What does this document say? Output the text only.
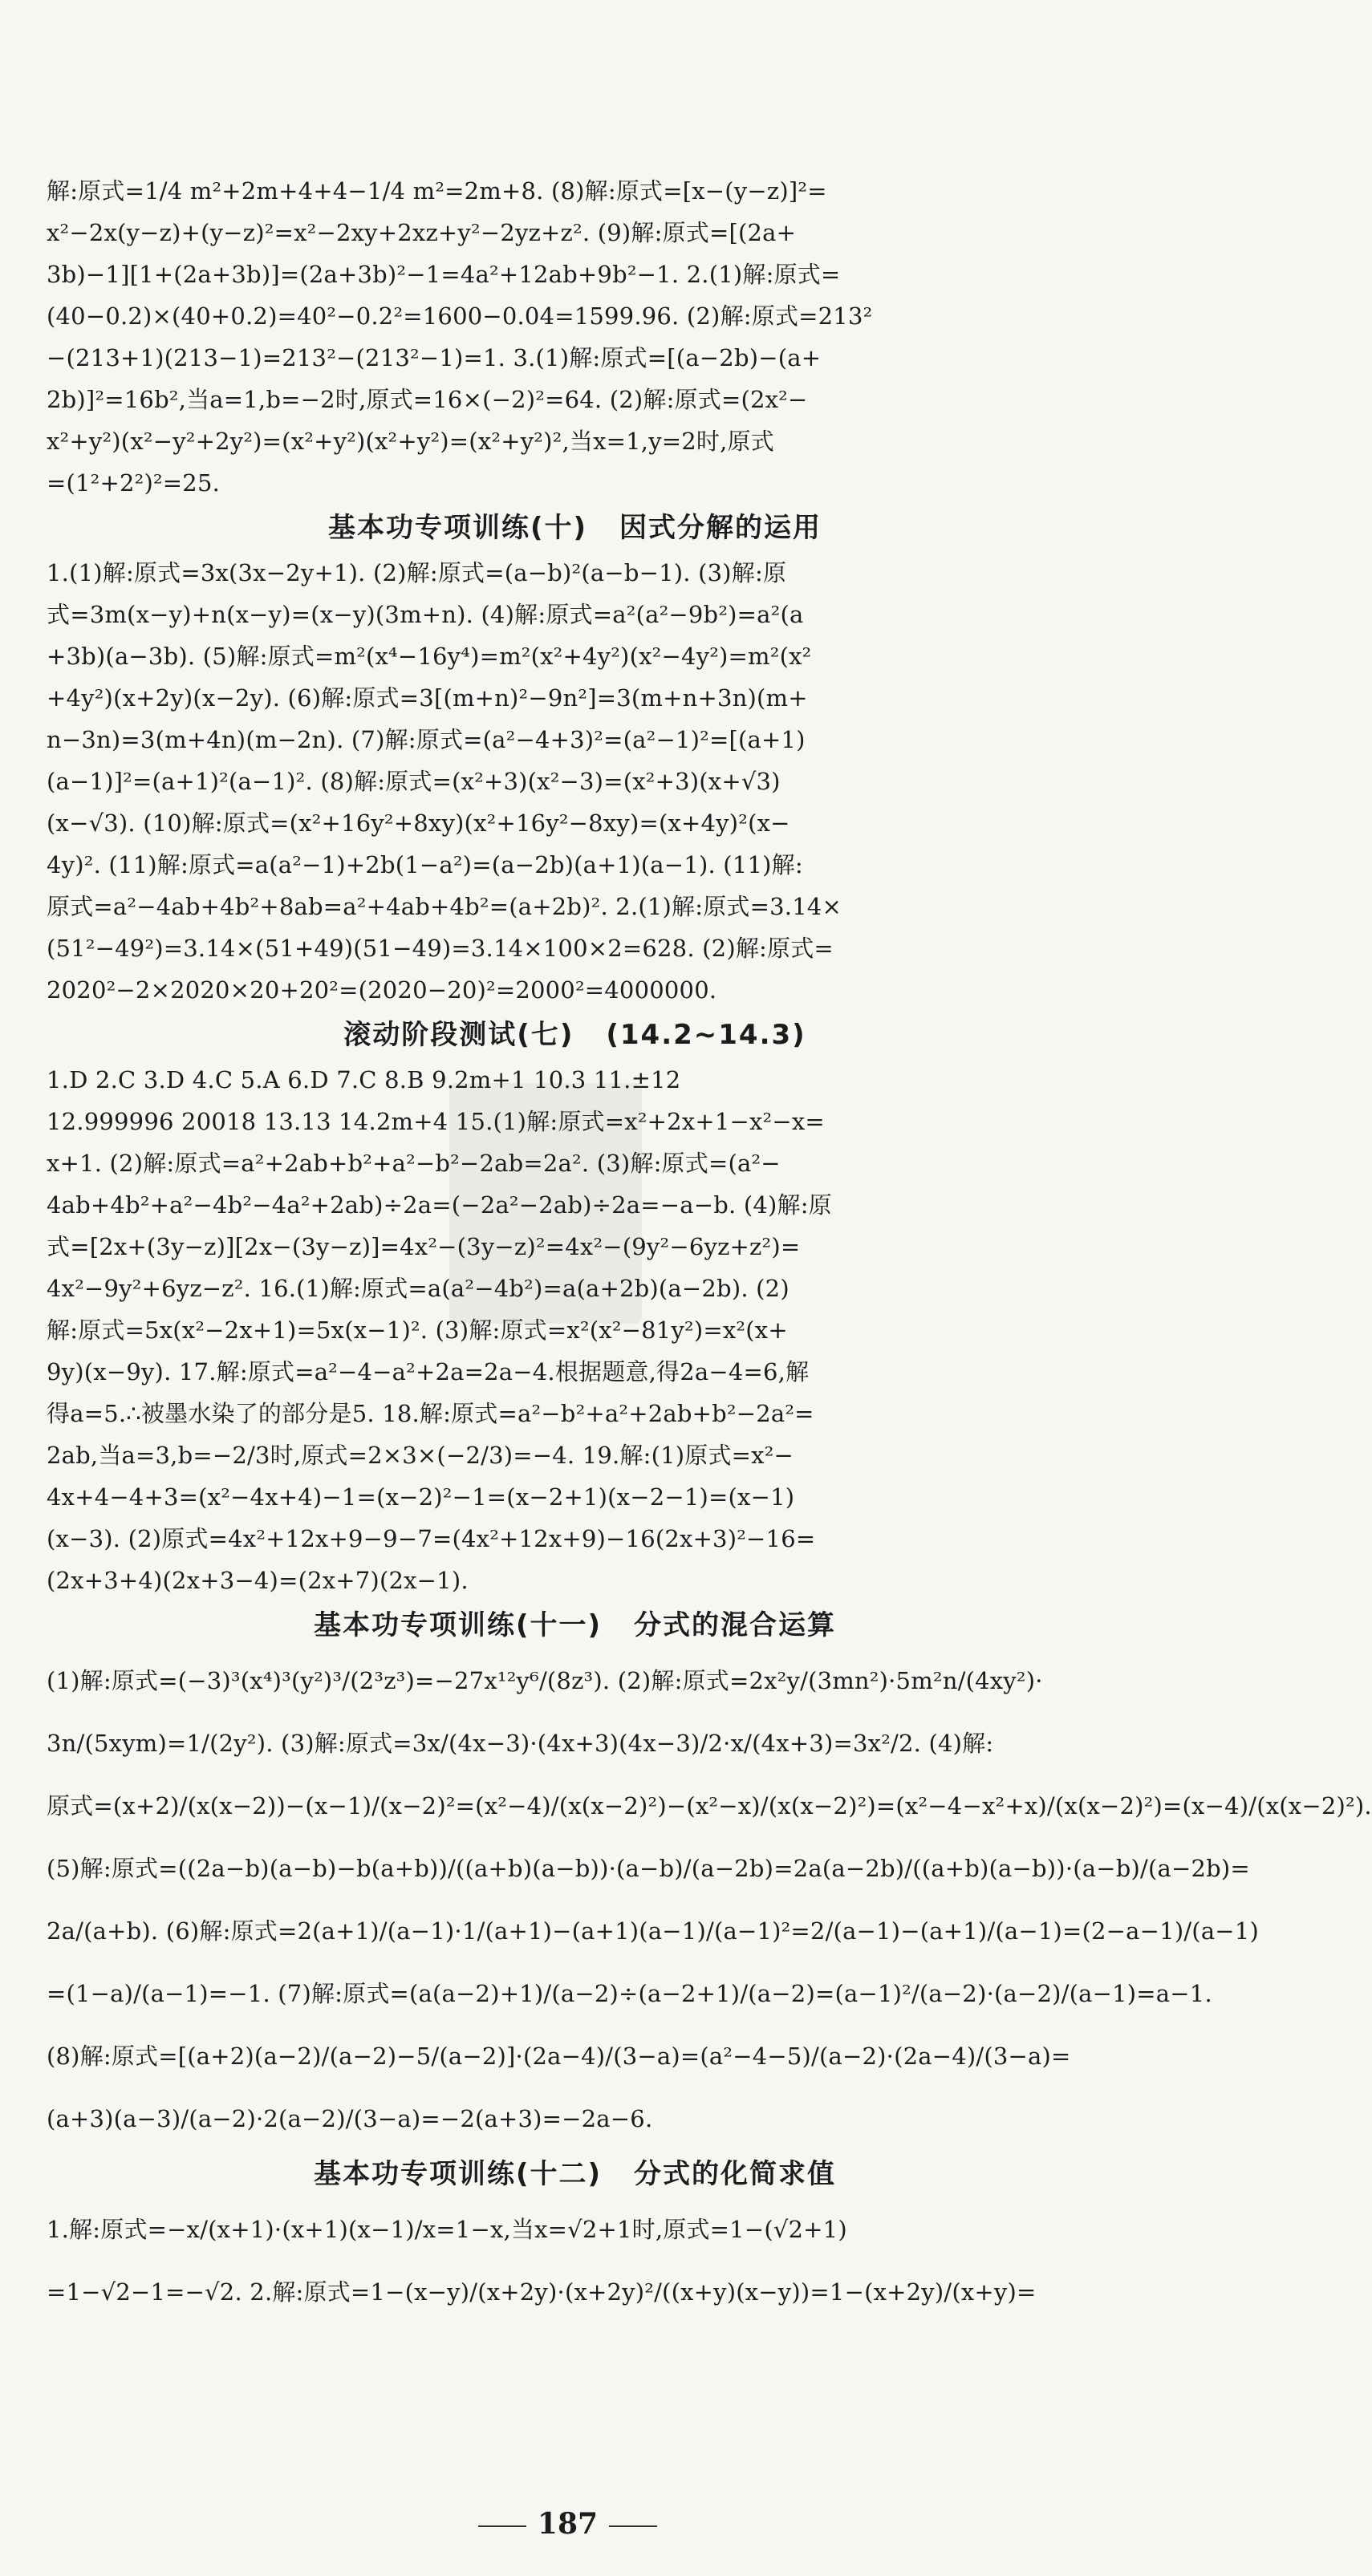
解:原式=1/4 m²+2m+4+4−1/4 m²=2m+8. (8)解:原式=[x−(y−z)]²=
x²−2x(y−z)+(y−z)²=x²−2xy+2xz+y²−2yz+z². (9)解:原式=[(2a+
3b)−1][1+(2a+3b)]=(2a+3b)²−1=4a²+12ab+9b²−1. 2.(1)解:原式=
(40−0.2)×(40+0.2)=40²−0.2²=1600−0.04=1599.96. (2)解:原式=213²
−(213+1)(213−1)=213²−(213²−1)=1. 3.(1)解:原式=[(a−2b)−(a+
2b)]²=16b²,当a=1,b=−2时,原式=16×(−2)²=64. (2)解:原式=(2x²−
x²+y²)(x²−y²+2y²)=(x²+y²)(x²+y²)=(x²+y²)²,当x=1,y=2时,原式
=(1²+2²)²=25.
基本功专项训练(十) 因式分解的运用
1.(1)解:原式=3x(3x−2y+1). (2)解:原式=(a−b)²(a−b−1). (3)解:原
式=3m(x−y)+n(x−y)=(x−y)(3m+n). (4)解:原式=a²(a²−9b²)=a²(a
+3b)(a−3b). (5)解:原式=m²(x⁴−16y⁴)=m²(x²+4y²)(x²−4y²)=m²(x²
+4y²)(x+2y)(x−2y). (6)解:原式=3[(m+n)²−9n²]=3(m+n+3n)(m+
n−3n)=3(m+4n)(m−2n). (7)解:原式=(a²−4+3)²=(a²−1)²=[(a+1)
(a−1)]²=(a+1)²(a−1)². (8)解:原式=(x²+3)(x²−3)=(x²+3)(x+√3)
(x−√3). (10)解:原式=(x²+16y²+8xy)(x²+16y²−8xy)=(x+4y)²(x−
4y)². (11)解:原式=a(a²−1)+2b(1−a²)=(a−2b)(a+1)(a−1). (11)解:
原式=a²−4ab+4b²+8ab=a²+4ab+4b²=(a+2b)². 2.(1)解:原式=3.14×
(51²−49²)=3.14×(51+49)(51−49)=3.14×100×2=628. (2)解:原式=
2020²−2×2020×20+20²=(2020−20)²=2000²=4000000.
滚动阶段测试(七) (14.2∼14.3)
1.D 2.C 3.D 4.C 5.A 6.D 7.C 8.B 9.2m+1 10.3 11.±12
12.999996 20018 13.13 14.2m+4 15.(1)解:原式=x²+2x+1−x²−x=
x+1. (2)解:原式=a²+2ab+b²+a²−b²−2ab=2a². (3)解:原式=(a²−
4ab+4b²+a²−4b²−4a²+2ab)÷2a=(−2a²−2ab)÷2a=−a−b. (4)解:原
式=[2x+(3y−z)][2x−(3y−z)]=4x²−(3y−z)²=4x²−(9y²−6yz+z²)=
4x²−9y²+6yz−z². 16.(1)解:原式=a(a²−4b²)=a(a+2b)(a−2b). (2)
解:原式=5x(x²−2x+1)=5x(x−1)². (3)解:原式=x²(x²−81y²)=x²(x+
9y)(x−9y). 17.解:原式=a²−4−a²+2a=2a−4.根据题意,得2a−4=6,解
得a=5.∴被墨水染了的部分是5. 18.解:原式=a²−b²+a²+2ab+b²−2a²=
2ab,当a=3,b=−2/3时,原式=2×3×(−2/3)=−4. 19.解:(1)原式=x²−
4x+4−4+3=(x²−4x+4)−1=(x−2)²−1=(x−2+1)(x−2−1)=(x−1)
(x−3). (2)原式=4x²+12x+9−9−7=(4x²+12x+9)−16(2x+3)²−16=
(2x+3+4)(2x+3−4)=(2x+7)(2x−1).
基本功专项训练(十一) 分式的混合运算
(1)解:原式=(−3)³(x⁴)³(y²)³/(2³z³)=−27x¹²y⁶/(8z³). (2)解:原式=2x²y/(3mn²)·5m²n/(4xy²)·
3n/(5xym)=1/(2y²). (3)解:原式=3x/(4x−3)·(4x+3)(4x−3)/2·x/(4x+3)=3x²/2. (4)解:
原式=(x+2)/(x(x−2))−(x−1)/(x−2)²=(x²−4)/(x(x−2)²)−(x²−x)/(x(x−2)²)=(x²−4−x²+x)/(x(x−2)²)=(x−4)/(x(x−2)²).
(5)解:原式=((2a−b)(a−b)−b(a+b))/((a+b)(a−b))·(a−b)/(a−2b)=2a(a−2b)/((a+b)(a−b))·(a−b)/(a−2b)=
2a/(a+b). (6)解:原式=2(a+1)/(a−1)·1/(a+1)−(a+1)(a−1)/(a−1)²=2/(a−1)−(a+1)/(a−1)=(2−a−1)/(a−1)
=(1−a)/(a−1)=−1. (7)解:原式=(a(a−2)+1)/(a−2)÷(a−2+1)/(a−2)=(a−1)²/(a−2)·(a−2)/(a−1)=a−1.
(8)解:原式=[(a+2)(a−2)/(a−2)−5/(a−2)]·(2a−4)/(3−a)=(a²−4−5)/(a−2)·(2a−4)/(3−a)=
(a+3)(a−3)/(a−2)·2(a−2)/(3−a)=−2(a+3)=−2a−6.
基本功专项训练(十二) 分式的化简求值
1.解:原式=−x/(x+1)·(x+1)(x−1)/x=1−x,当x=√2+1时,原式=1−(√2+1)
=1−√2−1=−√2. 2.解:原式=1−(x−y)/(x+2y)·(x+2y)²/((x+y)(x−y))=1−(x+2y)/(x+y)=
187
